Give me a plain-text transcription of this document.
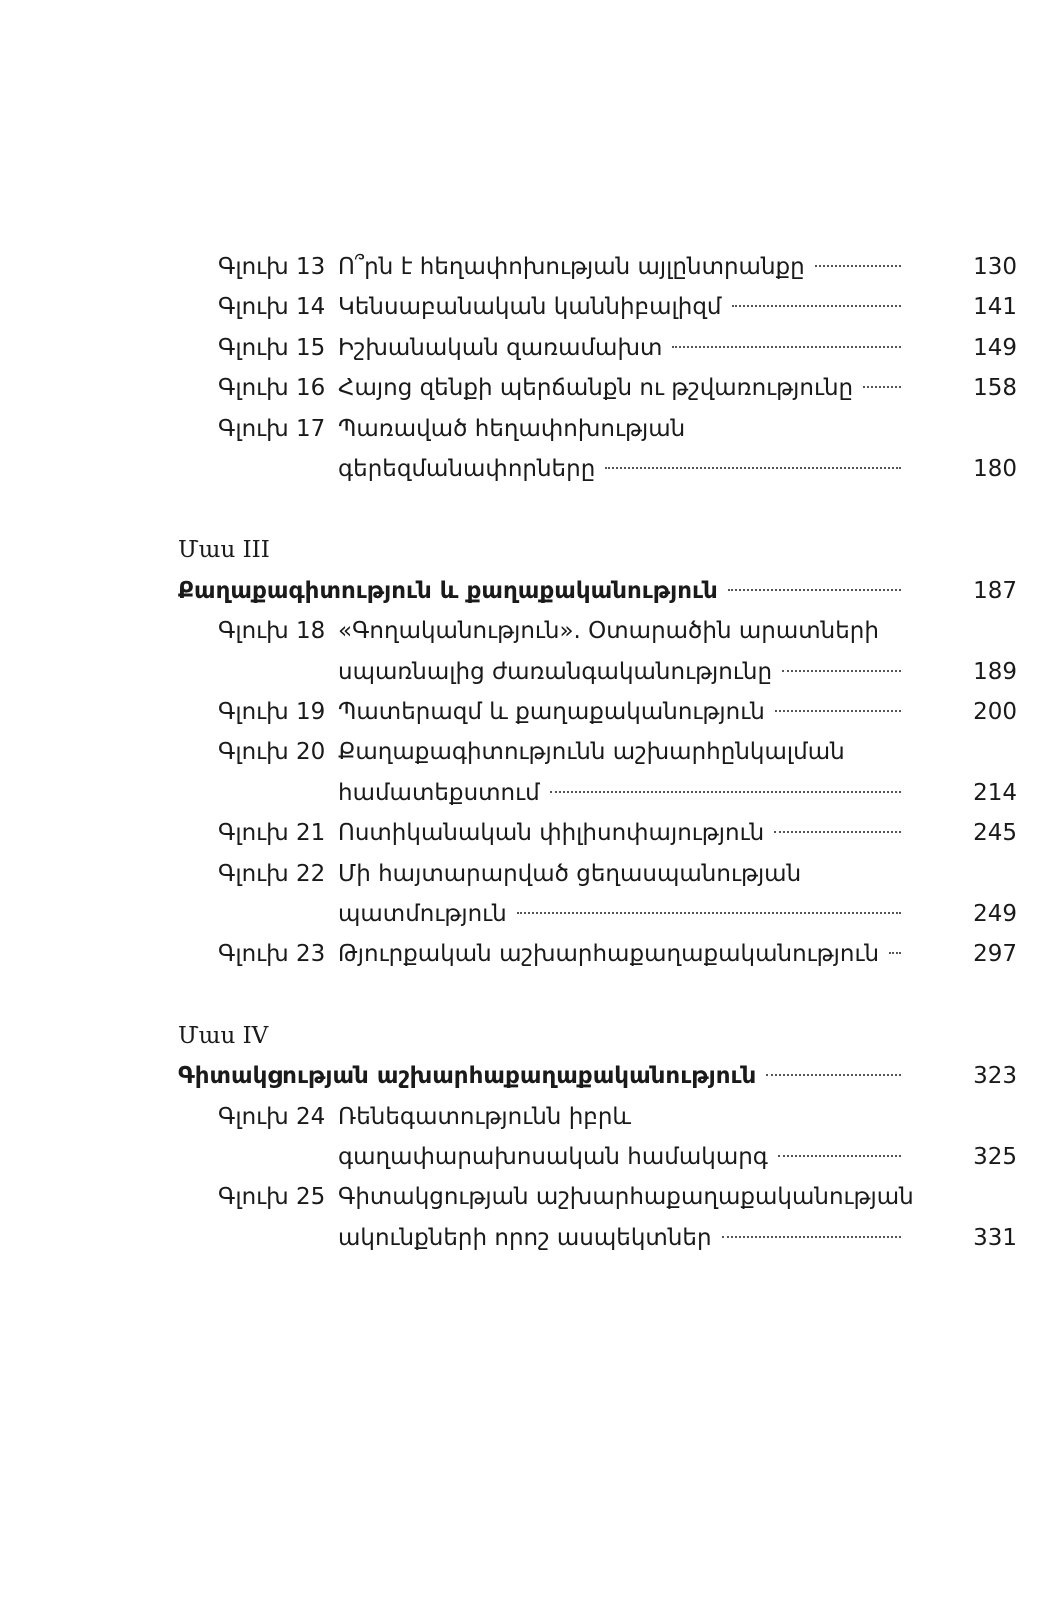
Գլուխ 13 Ո՞րն է հեղափոխության այլընտրանքը	130
Գլուխ 14 Կենսաբանական կաննիբալիզմ	141
Գլուխ 15 Իշխանական զառամախտ	149
Գլուխ 16 Հայոց զենքի պերճանքն ու թշվառությունը	158
Գլուխ 17 Պառաված հեղափոխության
գերեզմանափորները	180
Մաս III
Քաղաքագիտություն և քաղաքականություն	187
Գլուխ 18 «Գողականություն». Օտարածին արատների
սպառնալից ժառանգականությունը	189
Գլուխ 19 Պատերազմ և քաղաքականություն	200
Գլուխ 20 Քաղաքագիտությունն աշխարհընկալման
համատեքստում	214
Գլուխ 21 Ոստիկանական փիլիսոփայություն	245
Գլուխ 22 Մի հայտարարված ցեղասպանության
պատմություն	249
Գլուխ 23 Թյուրքական աշխարհաքաղաքականություն	297
Մաս IV
Գիտակցության աշխարհաքաղաքականություն	323
Գլուխ 24 Ռենեգատությունն իբրև
գաղափարախոսական համակարգ	325
Գլուխ 25 Գիտակցության աշխարհաքաղաքականության
ակունքների որոշ ասպեկտներ	331
